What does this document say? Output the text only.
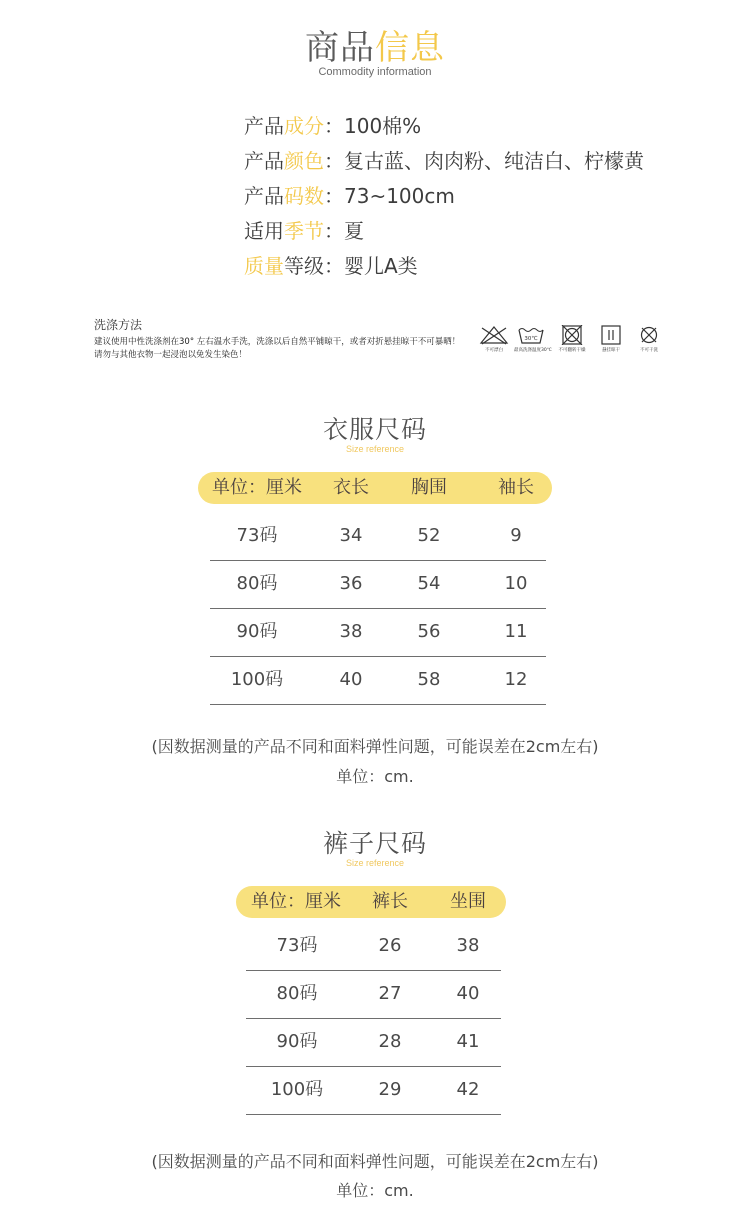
商品信息
Commodity information
产品成分：100棉%
产品颜色：复古蓝、肉肉粉、纯洁白、柠檬黄
产品码数：73~100cm
适用季节：夏
质量等级：婴儿A类
洗涤方法
建议使用中性洗涤剂在30° 左右温水手洗，洗涤以后自然平铺晾干，或者对折悬挂晾干不可暴晒！
请勿与其他衣物一起浸泡以免发生染色！	不可漂白
30℃
最高洗涤温度30℃	不可翻转干燥	悬挂晾干	不可干洗
衣服尺码
Size reference
单位：厘米	衣长	胸围	袖长
73码	34	52	9
80码	36	54	10
90码	38	56	11
100码	40	58	12
(因数据测量的产品不同和面料弹性问题，可能误差在2cm左右)
单位：cm.
裤子尺码
Size reference
单位：厘米	裤长	坐围
73码	26	38
80码	27	40
90码	28	41
100码	29	42
(因数据测量的产品不同和面料弹性问题，可能误差在2cm左右)
单位：cm.
